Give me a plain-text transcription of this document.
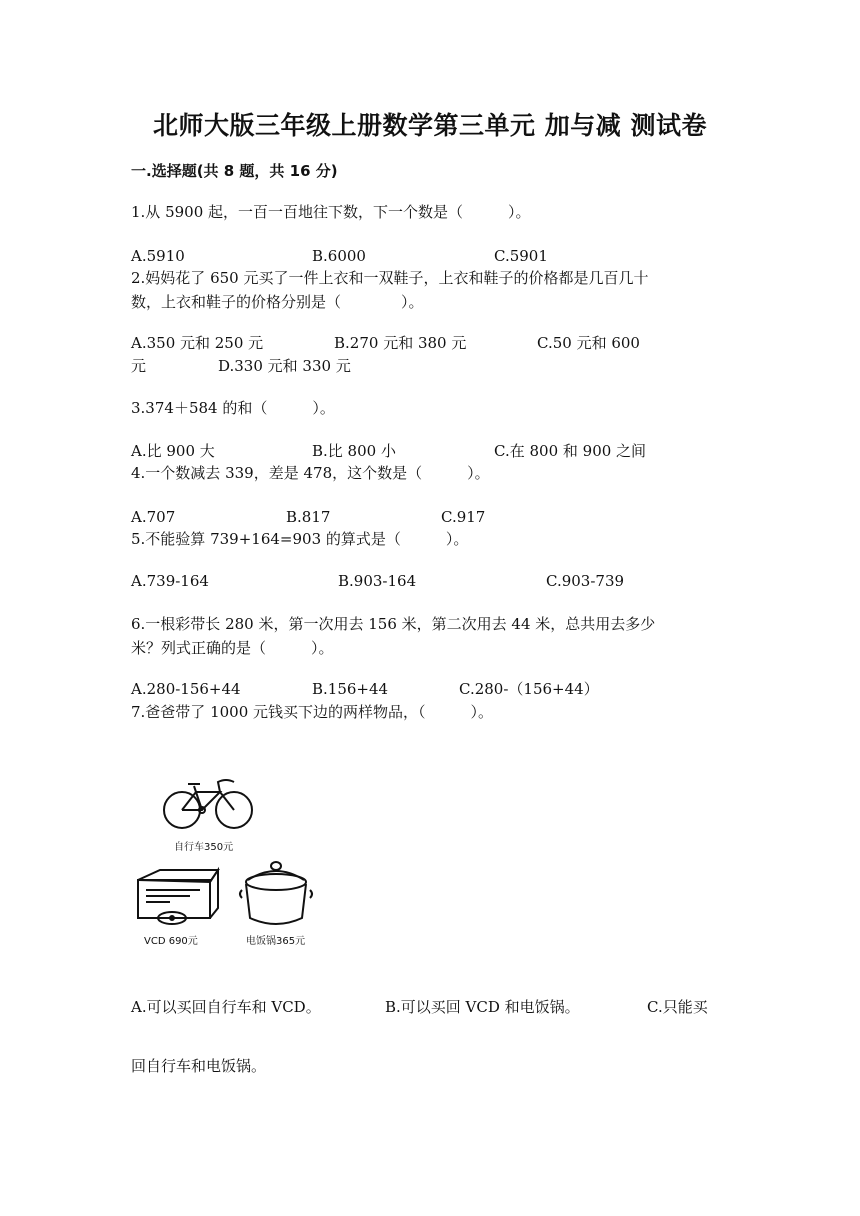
北师大版三年级上册数学第三单元 加与减 测试卷
一.选择题(共 8 题，共 16 分)
1.从 5900 起，一百一百地往下数，下一个数是（　　　）。
A.5910	B.6000	C.5901
2.妈妈花了 650 元买了一件上衣和一双鞋子，上衣和鞋子的价格都是几百几十
数，上衣和鞋子的价格分别是（　　　　）。
A.350 元和 250 元	B.270 元和 380 元	C.50 元和 600
元	D.330 元和 330 元
3.374＋584 的和（　　　）。
A.比 900 大	B.比 800 小	C.在 800 和 900 之间
4.一个数减去 339，差是 478，这个数是（　　　）。
A.707	B.817	C.917
5.不能验算 739+164=903 的算式是（　　　）。
A.739-164	B.903-164	C.903-739
6.一根彩带长 280 米，第一次用去 156 米，第二次用去 44 米，总共用去多少
米？列式正确的是（　　　）。
A.280-156+44	B.156+44	C.280-（156+44）
7.爸爸带了 1000 元钱买下边的两样物品，（　　　）。
自行车350元
VCD 690元	电饭锅365元
A.可以买回自行车和 VCD。	B.可以买回 VCD 和电饭锅。	C.只能买
回自行车和电饭锅。
